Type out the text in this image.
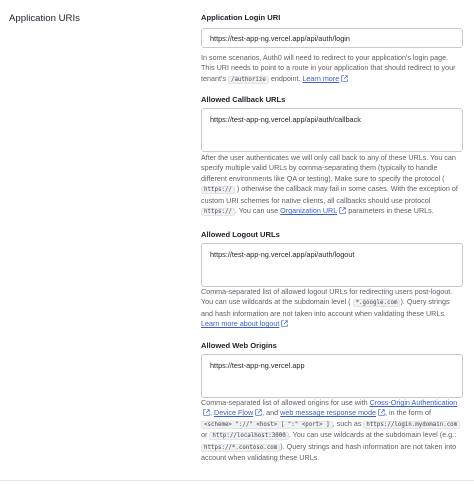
Application URIs	Application Login URI
https://test-app-ng.vercel.app/api/auth/login
In some scenarios, Auth0 will need to redirect to your application's login page. This URI needs to point to a route in your application that should redirect to your tenant's /authorize endpoint. Learn more
Allowed Callback URLs
https://test-app-ng.vercel.app/api/auth/callback
After the user authenticates we will only call back to any of these URLs. You can specify multiple valid URLs by comma-separating them (typically to handle different environments like QA or testing). Make sure to specify the protocol ( https:// ) otherwise the callback may fail in some cases. With the exception of custom URI schemes for native clients, all callbacks should use protocol https:// . You can use Organization URL parameters in these URLs.
Allowed Logout URLs
https://test-app-ng.vercel.app/api/auth/logout
Comma-separated list of allowed logout URLs for redirecting users post-logout. You can use wildcards at the subdomain level ( *.google.com ). Query strings and hash information are not taken into account when validating these URLs. Learn more about logout
Allowed Web Origins
https://test-app-ng.vercel.app
Comma-separated list of allowed origins for use with Cross-Origin Authentication, Device Flow , and web message response mode , in the form of <scheme> "://" <host> [ ":" <port> ] , such as https://login.mydomain.com or http://localhost:3000 . You can use wildcards at the subdomain level (e.g.: https://*.contoso.com ). Query strings and hash information are not taken into account when validating these URLs.
